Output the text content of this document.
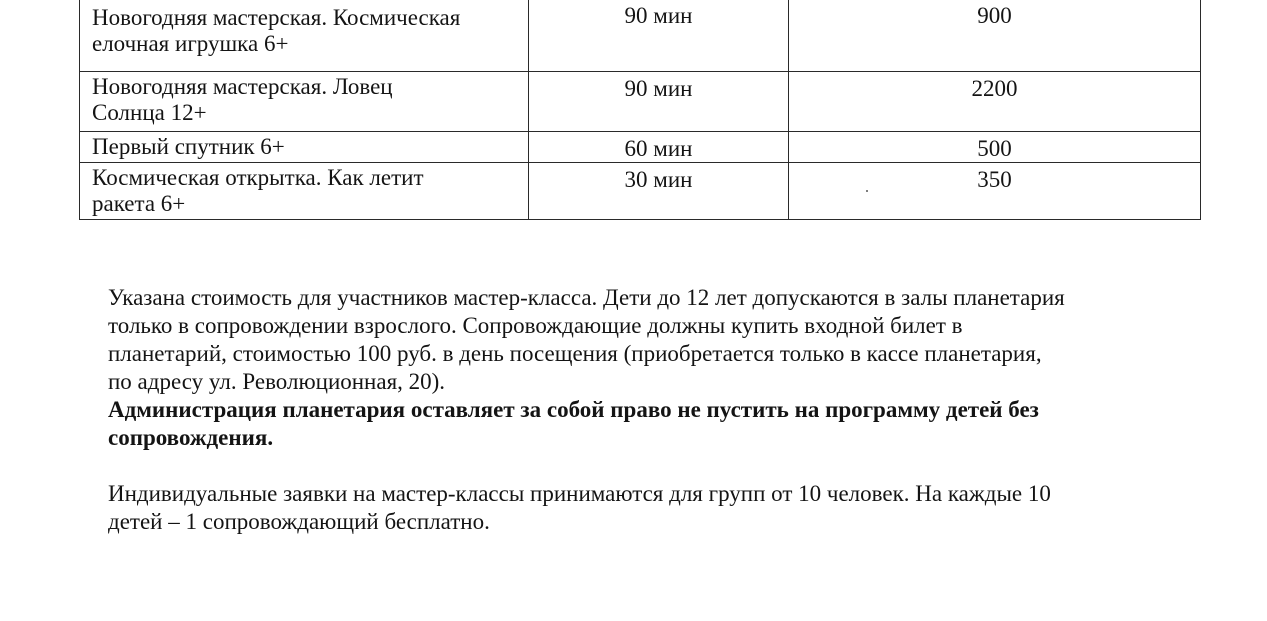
Новогодняя мастерская. Космическая
елочная игрушка 6+	90 мин	900
Новогодняя мастерская. Ловец
Солнца 12+	90 мин	2200
Первый спутник 6+	60 мин	500
Космическая открытка. Как летит
ракета 6+	30 мин	350

Указана стоимость для участников мастер-класса. Дети до 12 лет допускаются в залы планетария
только в сопровождении взрослого. Сопровождающие должны купить входной билет в
планетарий, стоимостью 100 руб. в день посещения (приобретается только в кассе планетария,
по адресу ул. Революционная, 20).

Администрация планетария оставляет за собой право не пустить на программу детей без
сопровождения.

Индивидуальные заявки на мастер-классы принимаются для групп от 10 человек. На каждые 10
детей – 1 сопровождающий бесплатно.
